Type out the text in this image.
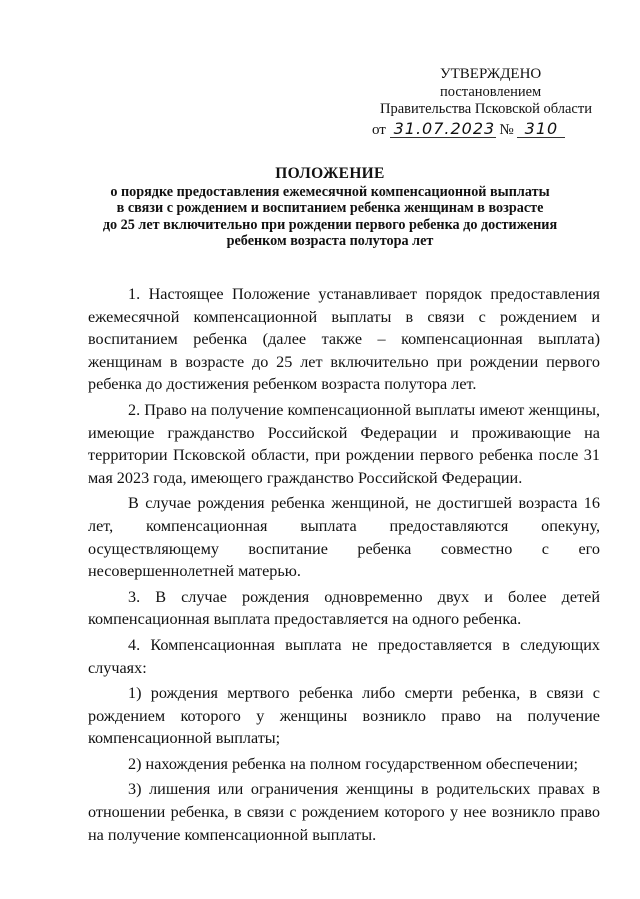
УТВЕРЖДЕНО
постановлением
Правительства Псковской области
от 31.07.2023 № 310
ПОЛОЖЕНИЕ
о порядке предоставления ежемесячной компенсационной выплаты
в связи с рождением и воспитанием ребенка женщинам в возрасте
до 25 лет включительно при рождении первого ребенка до достижения
ребенком возраста полутора лет

1. Настоящее Положение устанавливает порядок предоставления ежемесячной компенсационной выплаты в связи с рождением и воспитанием ребенка (далее также – компенсационная выплата) женщинам в возрасте до 25 лет включительно при рождении первого ребенка до достижения ребенком возраста полутора лет.

2. Право на получение компенсационной выплаты имеют женщины, имеющие гражданство Российской Федерации и проживающие на территории Псковской области, при рождении первого ребенка после 31 мая 2023 года, имеющего гражданство Российской Федерации.

В случае рождения ребенка женщиной, не достигшей возраста 16 лет, компенсационная выплата предоставляются опекуну, осуществляющему воспитание ребенка совместно с его несовершеннолетней матерью.

3. В случае рождения одновременно двух и более детей компенсационная выплата предоставляется на одного ребенка.

4. Компенсационная выплата не предоставляется в следующих случаях:

1) рождения мертвого ребенка либо смерти ребенка, в связи с рождением которого у женщины возникло право на получение компенсационной выплаты;

2) нахождения ребенка на полном государственном обеспечении;

3) лишения или ограничения женщины в родительских правах в отношении ребенка, в связи с рождением которого у нее возникло право на получение компенсационной выплаты.
